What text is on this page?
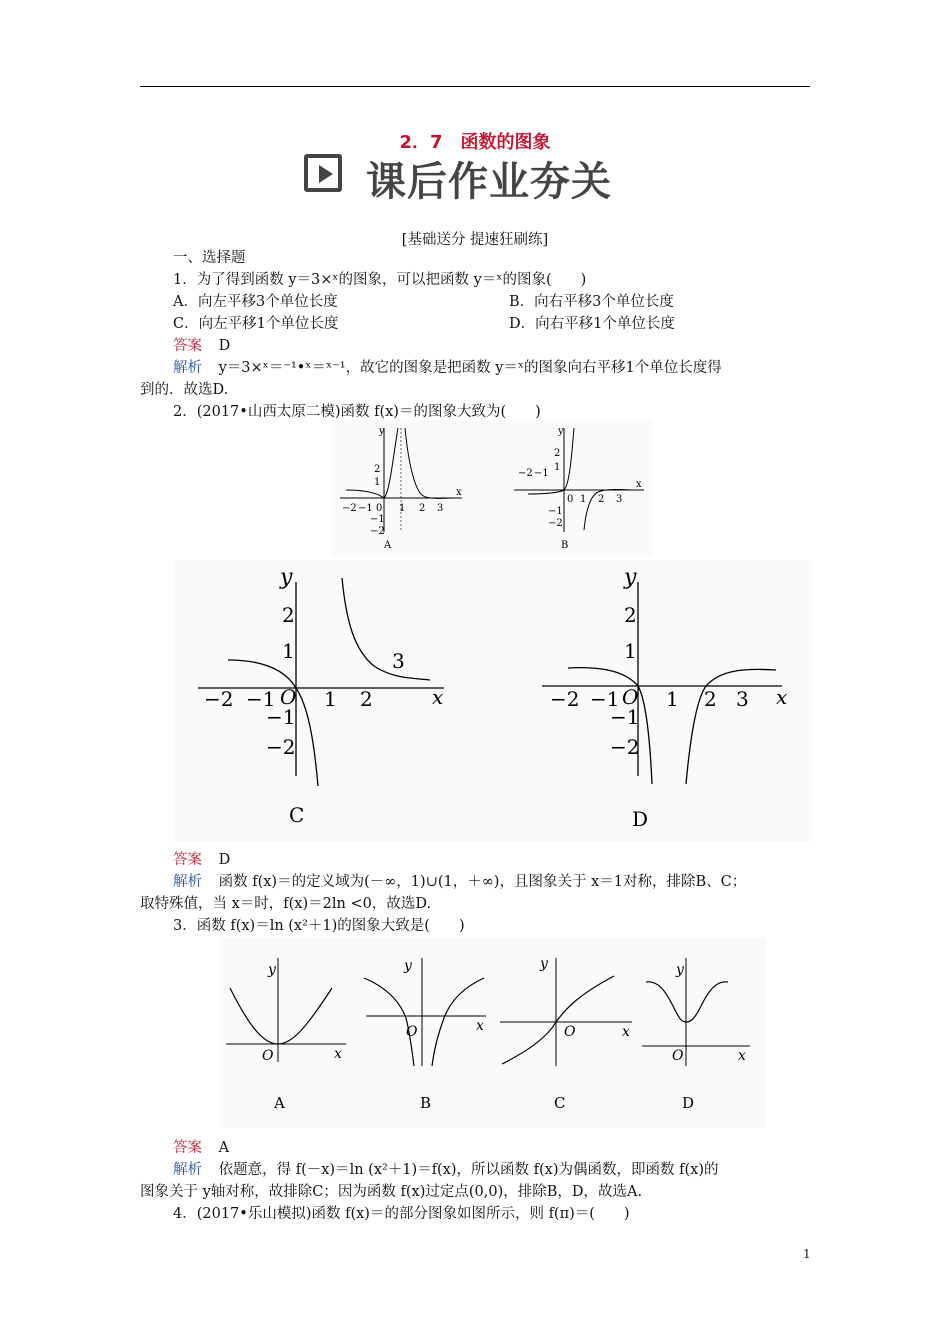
2．7　函数的图象
课后作业夯关
[基础送分 提速狂刷练]
一、选择题
1．为了得到函数 y＝3×ˣ的图象，可以把函数 y＝ˣ的图象(　　)
A．向左平移3个单位长度	B．向右平移3个单位长度
C．向左平移1个单位长度	D．向右平移1个单位长度
答案 D
解析 y＝3×ˣ＝⁻¹•ˣ＝ˣ⁻¹，故它的图象是把函数 y＝ˣ的图象向右平移1个单位长度得
到的．故选D.
2．(2017•山西太原二模)函数 f(x)＝的图象大致为(　　)
y
x
2
1
−2 −1 0 1 2 3
−1
−2
A
y
x
2
1
−2 −1
0 1 2 3
−1
−2
B
y
x
2
1
−2 −1 O 1 2
3
−1
−2
C
y
x
2
1
−2 −1 O 1 2 3
−1
−2
D
答案 D
解析 函数 f(x)＝的定义域为(－∞，1)∪(1，＋∞)，且图象关于 x＝1对称，排除B、C；
取特殊值，当 x＝时，f(x)＝2ln <0，故选D.
3．函数 f(x)＝ln (x²＋1)的图象大致是(　　)
y
x
O
A
y
x
O
B
y
x
O
C
y
x
O
D
答案 A
解析 依题意，得 f(－x)＝ln (x²＋1)＝f(x)，所以函数 f(x)为偶函数，即函数 f(x)的
图象关于 y轴对称，故排除C；因为函数 f(x)过定点(0,0)，排除B，D，故选A.
4．(2017•乐山模拟)函数 f(x)＝的部分图象如图所示，则 f(π)＝(　　)
1
